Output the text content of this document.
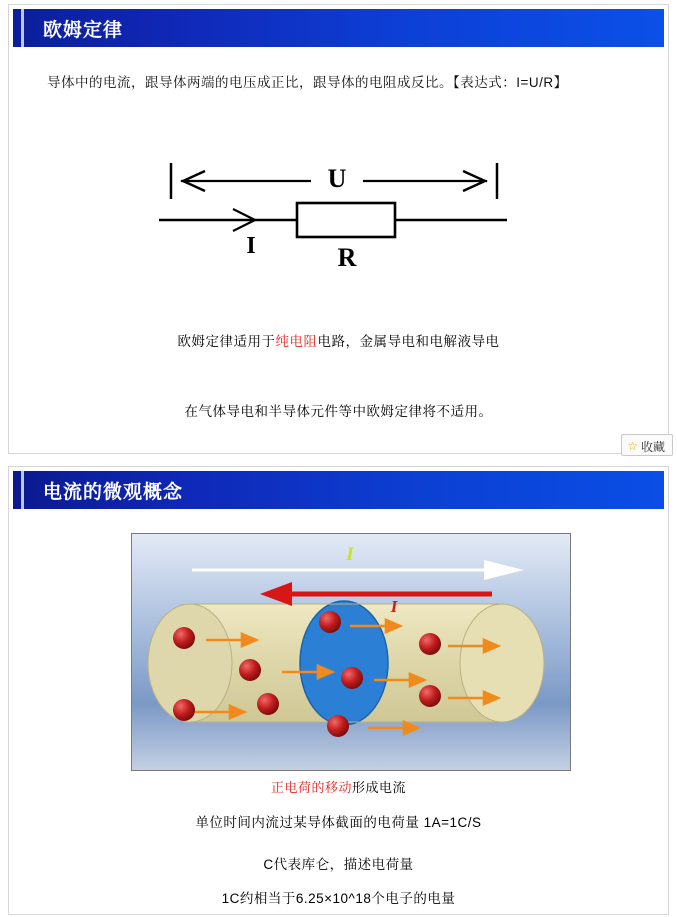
欧姆定律
导体中的电流，跟导体两端的电压成正比，跟导体的电阻成反比。【表达式：I=U/R】
U
I	R
欧姆定律适用于纯电阻电路，金属导电和电解液导电
在气体导电和半导体元件等中欧姆定律将不适用。
☆ 收藏
电流的微观概念
I
I
正电荷的移动形成电流
单位时间内流过某导体截面的电荷量 1A=1C/S
C代表库仑，描述电荷量
1C约相当于6.25×10^18个电子的电量
